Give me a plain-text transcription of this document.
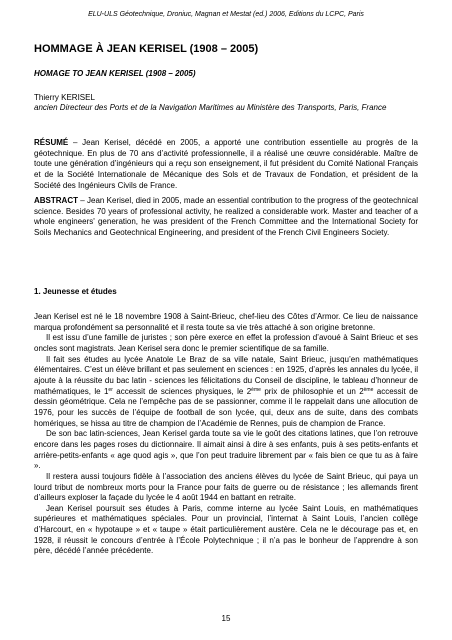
ELU-ULS Géotechnique, Droniuc, Magnan et Mestat (ed.) 2006, Editions du LCPC, Paris
HOMMAGE À JEAN KERISEL (1908 – 2005)
HOMAGE TO JEAN KERISEL (1908 – 2005)
Thierry KERISEL
ancien Directeur des Ports et de la Navigation Maritimes au Ministère des Transports, Paris, France
RÉSUMÉ – Jean Kerisel, décédé en 2005, a apporté une contribution essentielle au progrès de la géotechnique. En plus de 70 ans d’activité professionnelle, il a réalisé une œuvre considérable. Maître de toute une génération d’ingénieurs qui a reçu son enseignement, il fut président du Comité National Français et de la Société Internationale de Mécanique des Sols et de Travaux de Fondation, et président de la Société des Ingénieurs Civils de France.
ABSTRACT – Jean Kerisel, died in 2005, made an essential contribution to the progress of the geotechnical science. Besides 70 years of professional activity, he realized a considerable work. Master and teacher of a whole engineers' generation, he was president of the French Committee and the International Society for Soils Mechanics and Geotechnical Engineering, and president of the French Civil Engineers Society.
1. Jeunesse et études

Jean Kerisel est né le 18 novembre 1908 à Saint-Brieuc, chef-lieu des Côtes d’Armor. Ce lieu de naissance marqua profondément sa personnalité et il resta toute sa vie très attaché à son origine bretonne.

Il est issu d’une famille de juristes ; son père exerce en effet la profession d’avoué à Saint Brieuc et ses oncles sont magistrats. Jean Kerisel sera donc le premier scientifique de sa famille.

Il fait ses études au lycée Anatole Le Braz de sa ville natale, Saint Brieuc, jusqu’en mathématiques élémentaires. C’est un élève brillant et pas seulement en sciences : en 1925, d’après les annales du lycée, il ajoute à la réussite du bac latin - sciences les félicitations du Conseil de discipline, le tableau d’honneur de mathématiques, le 1er accessit de sciences physiques, le 2ème prix de philosophie et un 2ème accessit de dessin géométrique. Cela ne l’empêche pas de se passionner, comme il le rappelait dans une allocution de 1976, pour les succès de l’équipe de football de son lycée, qui, deux ans de suite, dans des combats homériques, se hissa au titre de champion de l’Académie de Rennes, puis de champion de France.

De son bac latin-sciences, Jean Kerisel garda toute sa vie le goût des citations latines, que l’on retrouve encore dans les pages roses du dictionnaire. Il aimait ainsi à dire à ses enfants, puis à ses petits-enfants et arrière-petits-enfants « age quod agis », que l’on peut traduire librement par « fais bien ce que tu as à faire ».

Il restera aussi toujours fidèle à l’association des anciens élèves du lycée de Saint Brieuc, qui paya un lourd tribut de nombreux morts pour la France pour faits de guerre ou de résistance ; les allemands firent d’ailleurs exploser la façade du lycée le 4 août 1944 en battant en retraite.

Jean Kerisel poursuit ses études à Paris, comme interne au lycée Saint Louis, en mathématiques supérieures et mathématiques spéciales. Pour un provincial, l’internat à Saint Louis, l’ancien collège d’Harcourt, en « hypotaupe » et « taupe » était particulièrement austère. Cela ne le décourage pas et, en 1928, il réussit le concours d’entrée à l’École Polytechnique ; il n’a pas le bonheur de l’apprendre à son père, décédé l’année précédente.

15
